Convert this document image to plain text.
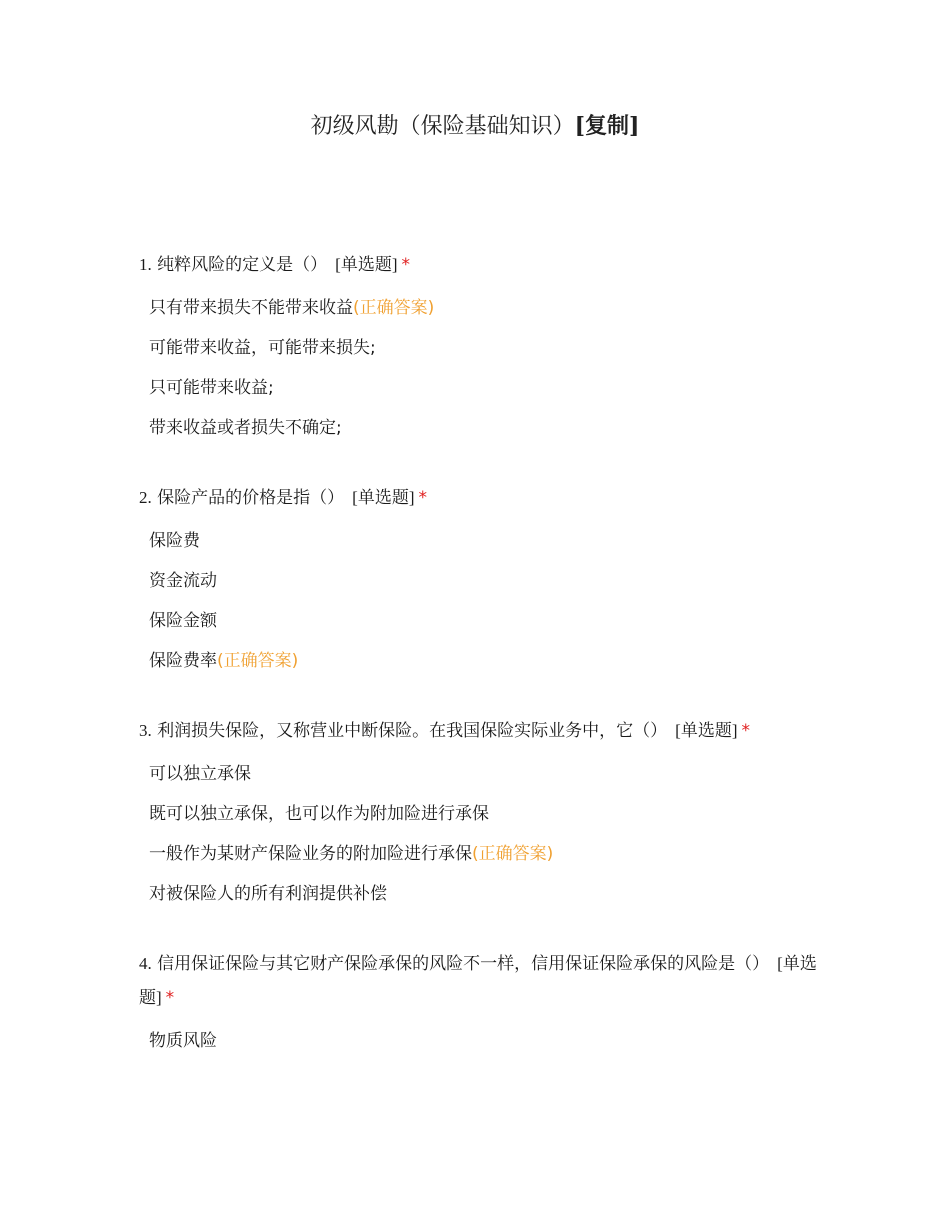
初级风勘（保险基础知识）[复制]

1. 纯粹风险的定义是（） [单选题] *

只有带来损失不能带来收益(正确答案)
可能带来收益，可能带来损失;
只可能带来收益;
带来收益或者损失不确定;

2. 保险产品的价格是指（） [单选题] *

保险费
资金流动
保险金额
保险费率(正确答案)

3. 利润损失保险，又称营业中断保险。在我国保险实际业务中，它（） [单选题] *

可以独立承保
既可以独立承保，也可以作为附加险进行承保
一般作为某财产保险业务的附加险进行承保(正确答案)
对被保险人的所有利润提供补偿

4. 信用保证保险与其它财产保险承保的风险不一样，信用保证保险承保的风险是（） [单选题] *

物质风险
